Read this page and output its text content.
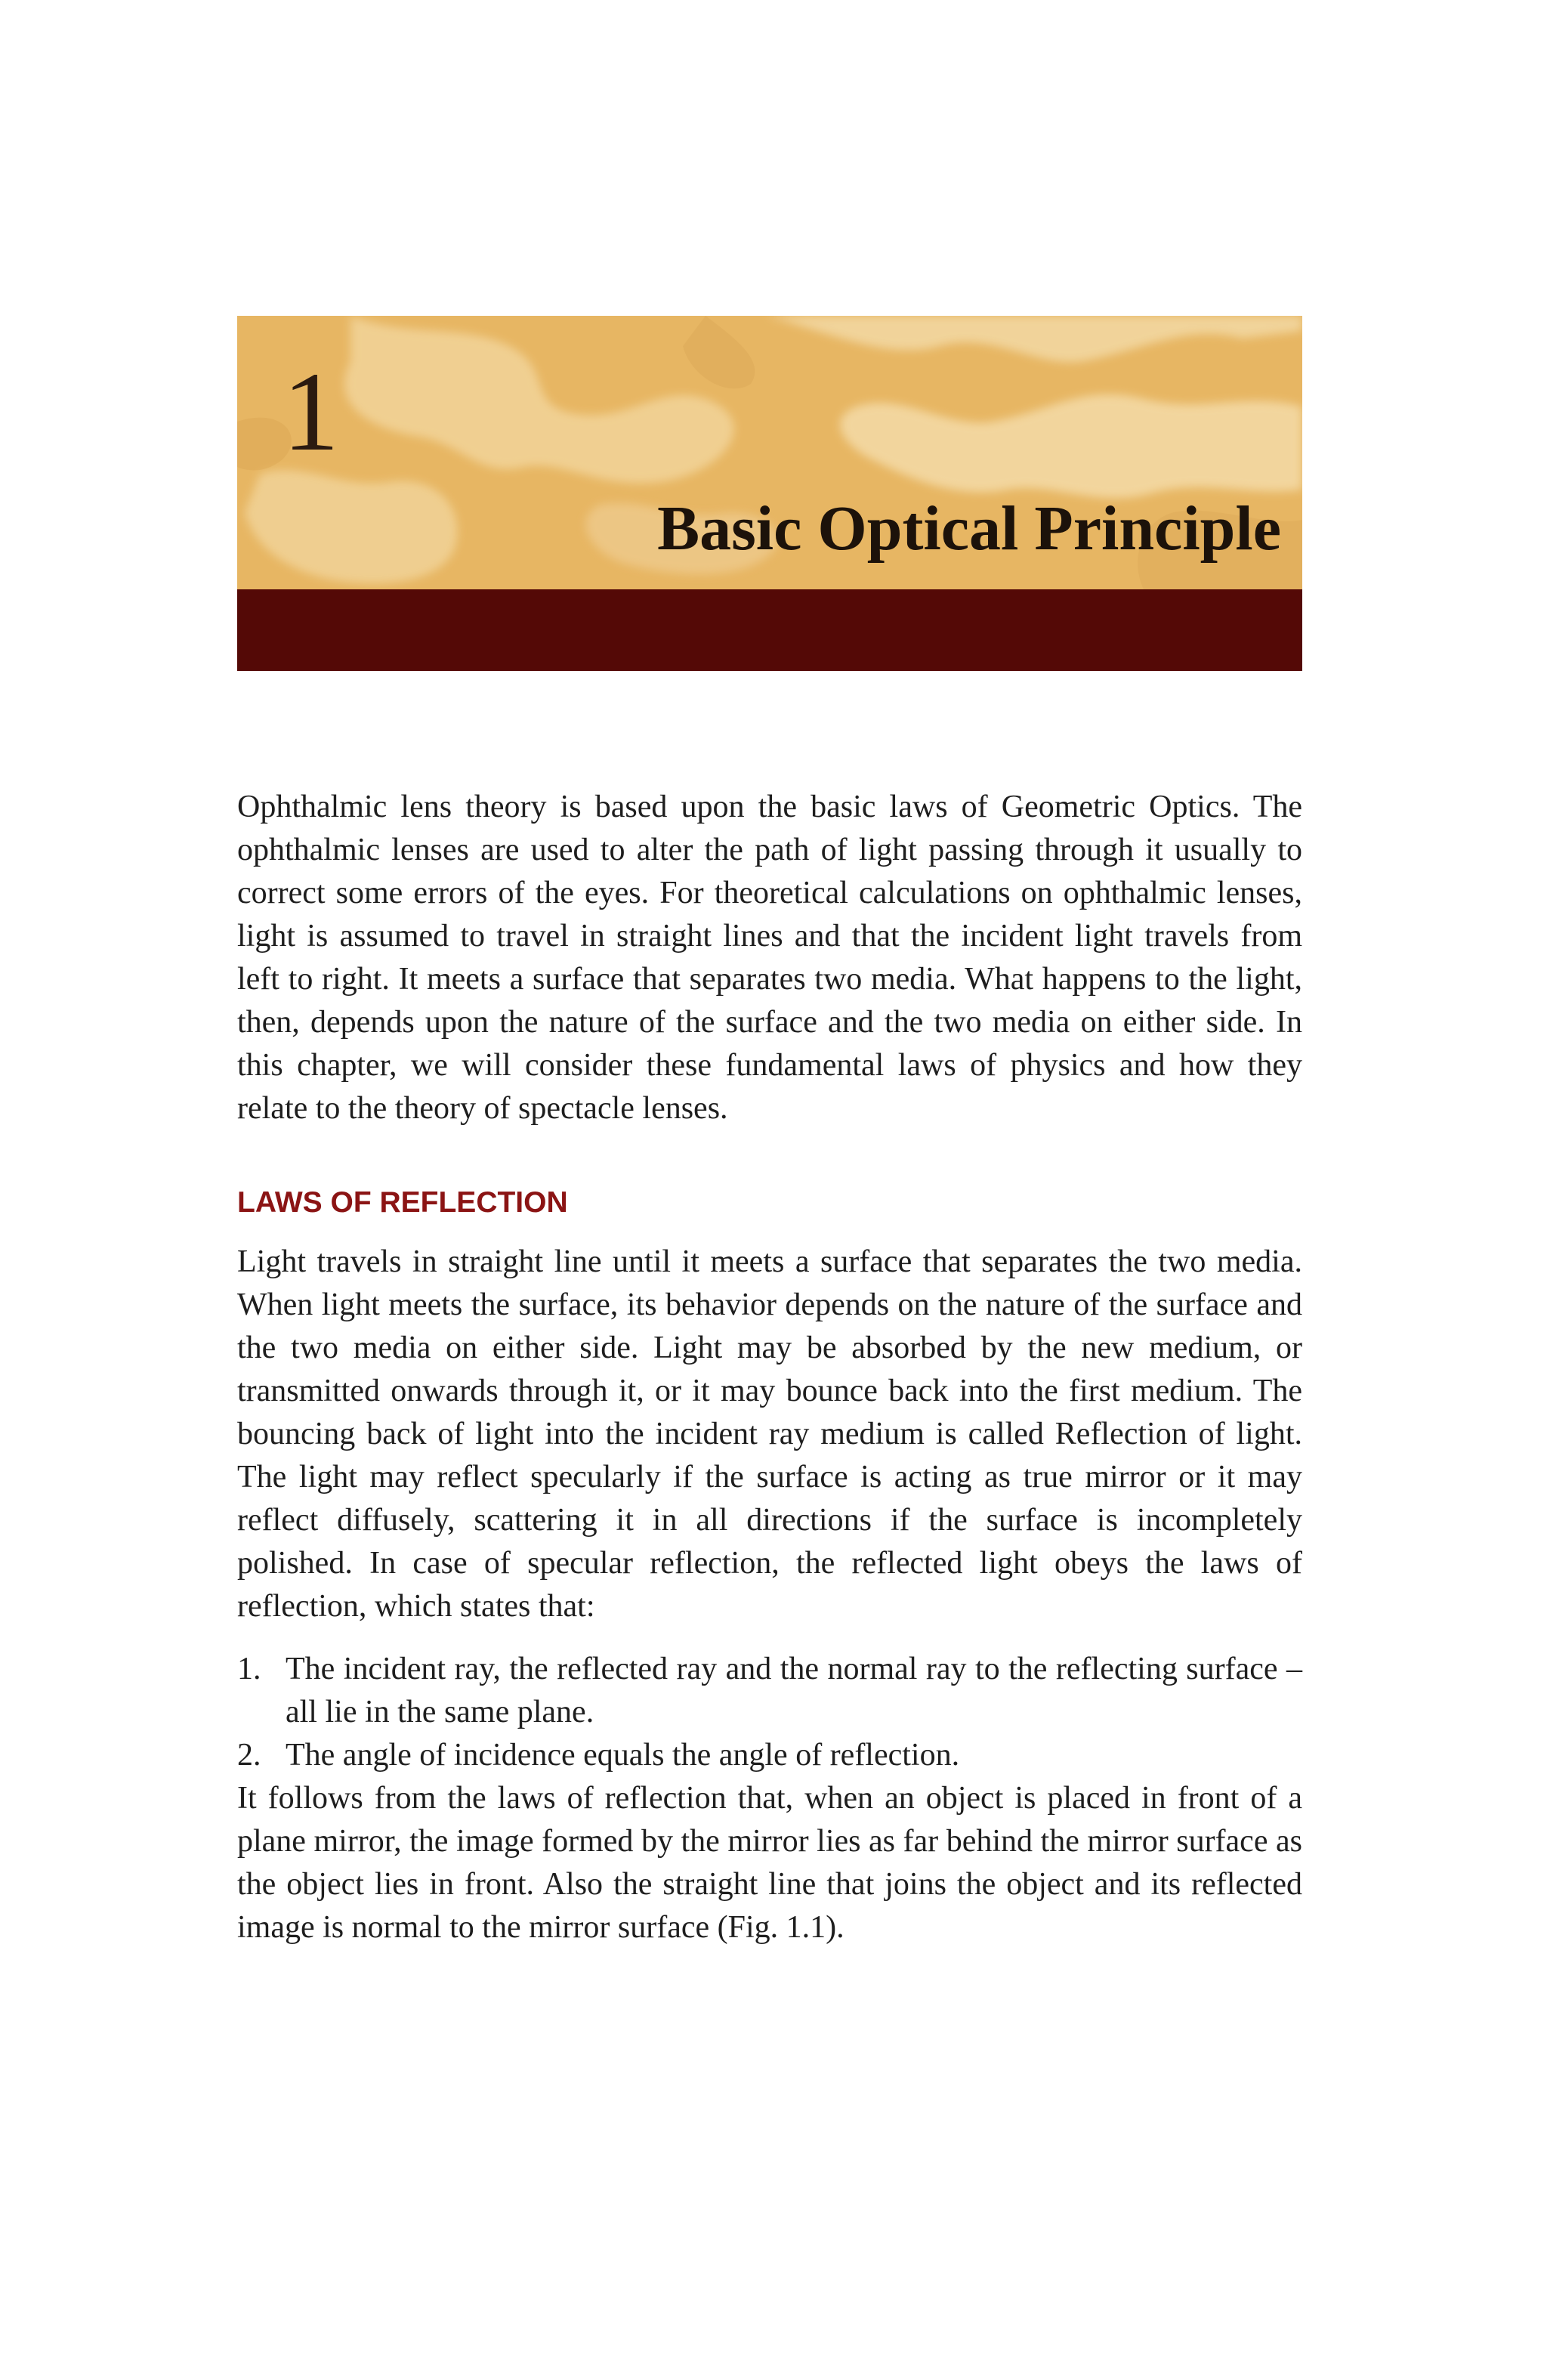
1
Basic Optical Principle

Ophthalmic lens theory is based upon the basic laws of Geometric Optics. The ophthalmic lenses are used to alter the path of light passing through it usually to correct some errors of the eyes. For theoretical calculations on ophthalmic lenses, light is assumed to travel in straight lines and that the incident light travels from left to right. It meets a surface that separates two media. What happens to the light, then, depends upon the nature of the surface and the two media on either side. In this chapter, we will consider these fundamental laws of physics and how they relate to the theory of spectacle lenses.

LAWS OF REFLECTION

Light travels in straight line until it meets a surface that separates the two media. When light meets the surface, its behavior depends on the nature of the surface and the two media on either side. Light may be absorbed by the new medium, or transmitted onwards through it, or it may bounce back into the first medium. The bouncing back of light into the incident ray medium is called Reflection of light. The light may reflect specularly if the surface is acting as true mirror or it may reflect diffusely, scattering it in all directions if the surface is incompletely polished. In case of specular reflection, the reflected light obeys the laws of reflection, which states that:

1. The incident ray, the reflected ray and the normal ray to the reflecting surface – all lie in the same plane.
2. The angle of incidence equals the angle of reflection.

It follows from the laws of reflection that, when an object is placed in front of a plane mirror, the image formed by the mirror lies as far behind the mirror surface as the object lies in front. Also the straight line that joins the object and its reflected image is normal to the mirror surface (Fig. 1.1).
